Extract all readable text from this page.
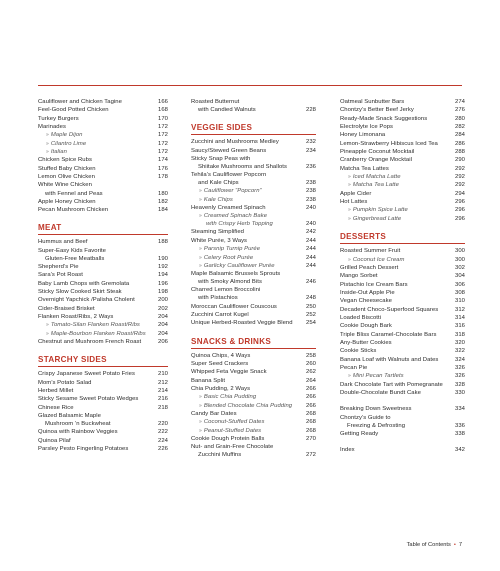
Cauliflower and Chicken Tagine	166
Feel-Good Potted Chicken	168
Turkey Burgers	170
Marinades	172
» Maple Dijon	172
» Cilantro Lime	172
» Italian	172
Chicken Spice Rubs	174
Stuffed Baby Chicken	176
Lemon Olive Chicken	178
White Wine Chicken
with Fennel and Peas	180
Apple Honey Chicken	182
Pecan Mushroom Chicken	184
MEAT
Hummus and Beef	188
Super-Easy Kids Favorite
Gluten-Free Meatballs	190
Shepherd’s Pie	192
Sara’s Pot Roast	194
Baby Lamb Chops with Gremolata	196
Sticky Slow Cooked Skirt Steak	198
Overnight Yapchick /Palisha Cholent	200
Cider-Braised Brisket	202
Flanken Roast/Ribs, 2 Ways	204
» Tomato-Silan Flanken Roast/Ribs	204
» Maple-Bourbon Flanken Roast/Ribs	204
Chestnut and Mushroom French Roast	206
STARCHY SIDES
Crispy Japanese Sweet Potato Fries	210
Mom’s Potato Salad	212
Herbed Millet	214
Sticky Sesame Sweet Potato Wedges	216
Chinese Rice	218
Glazed Balsamic Maple
Mushroom ‘n Buckwheat	220
Quinoa with Rainbow Veggies	222
Quinoa Pilaf	224
Parsley Pesto Fingerling Potatoes	226
Roasted Butternut
with Candied Walnuts	228
VEGGIE SIDES
Zucchini and Mushrooms Medley	232
Saucy/Stewed Green Beans	234
Sticky Snap Peas with
Shiitake Mushrooms and Shallots	236
Tehila’s Cauliflower Popcorn
and Kale Chips	238
» Cauliflower “Popcorn”	238
» Kale Chips	238
Heavenly Creamed Spinach	240
» Creamed Spinach Bake
with Crispy Herb Topping	240
Steaming Simplified	242
White Purée, 3 Ways	244
» Parsnip Turnip Purée	244
» Celery Root Purée	244
» Garlicky Cauliflower Purée	244
Maple Balsamic Brussels Sprouts
with Smoky Almond Bits	246
Charred Lemon Broccolini
with Pistachios	248
Moroccan Cauliflower Couscous	250
Zucchini Carrot Kugel	252
Unique Herbed-Roasted Veggie Blend	254
SNACKS & DRINKS
Quinoa Chips, 4 Ways	258
Super Seed Crackers	260
Whipped Feta Veggie Snack	262
Banana Split	264
Chia Pudding, 2 Ways	266
» Basic Chia Pudding	266
» Blended Chocolate Chia Pudding	266
Candy Bar Dates	268
» Coconut-Stuffed Dates	268
» Peanut-Stuffed Dates	268
Cookie Dough Protein Balls	270
Nut- and Grain-Free Chocolate
Zucchini Muffins	272
Oatmeal Sunbutter Bars	274
Chontzy’s Better Beef Jerky	276
Ready-Made Snack Suggestions	280
Electrolyte Ice Pops	282
Honey Limonana	284
Lemon-Strawberry Hibiscus Iced Tea	286
Pineapple Coconut Mocktail	288
Cranberry Orange Mocktail	290
Matcha Tea Lattes	292
» Iced Matcha Latte	292
» Matcha Tea Latte	292
Apple Cider	294
Hot Lattes	296
» Pumpkin Spice Latte	296
» Gingerbread Latte	296
DESSERTS
Roasted Summer Fruit	300
» Coconut Ice Cream	300
Grilled Peach Dessert	302
Mango Sorbet	304
Pistachio Ice Cream Bars	306
Inside-Out Apple Pie	308
Vegan Cheesecake	310
Decadent Choco-Superfood Squares	312
Loaded Biscotti	314
Cookie Dough Bark	316
Triple Bliss Caramel-Chocolate Bars	318
Any-Butter Cookies	320
Cookie Sticks	322
Banana Loaf with Walnuts and Dates	324
Pecan Pie	326
» Mini Pecan Tartlets	326
Dark Chocolate Tart with Pomegranate	328
Double-Chocolate Bundt Cake	330
Breaking Down Sweetness	334
Chontzy’s Guide to
Freezing & Defrosting	336
Getting Ready	338
Index	342
Table of Contents • 7
